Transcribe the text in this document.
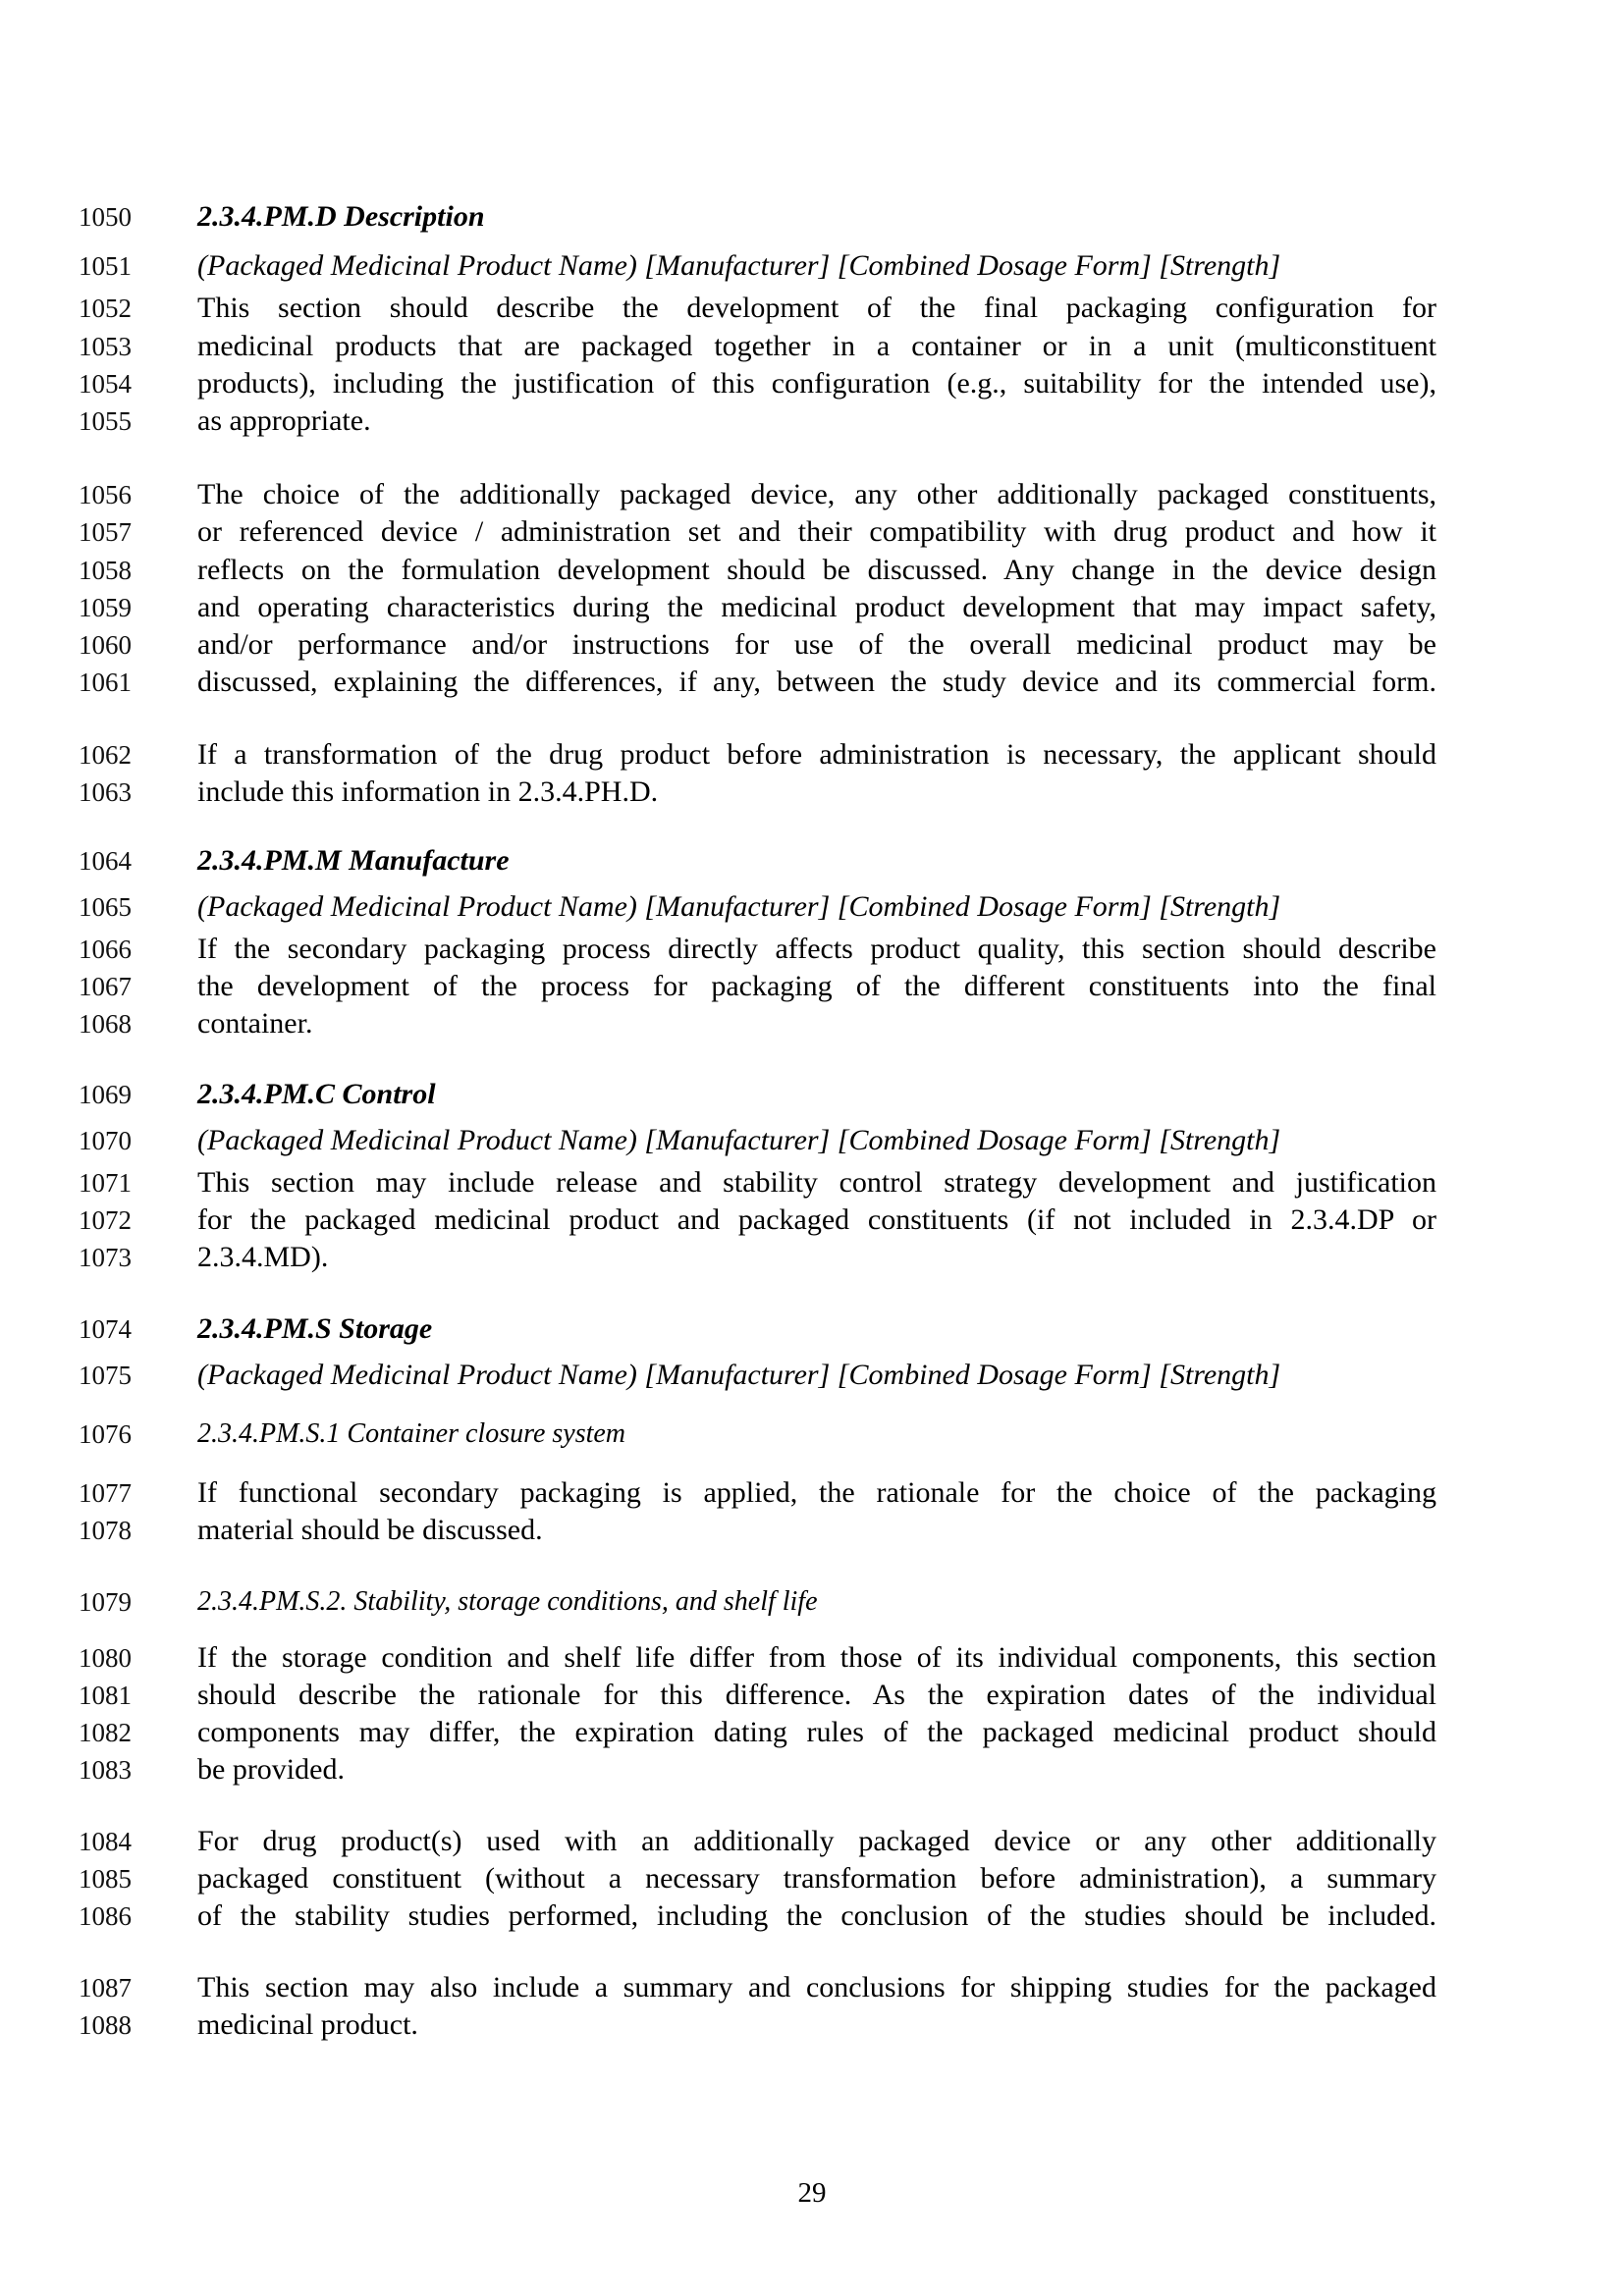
1050	2.3.4.PM.D Description
1051	(Packaged Medicinal Product Name) [Manufacturer] [Combined Dosage Form] [Strength]
1052	This section should describe the development of the final packaging configuration for
1053	medicinal products that are packaged together in a container or in a unit (multiconstituent
1054	products), including the justification of this configuration (e.g., suitability for the intended use),
1055	as appropriate.
1056	The choice of the additionally packaged device, any other additionally packaged constituents,
1057	or referenced device / administration set and their compatibility with drug product and how it
1058	reflects on the formulation development should be discussed. Any change in the device design
1059	and operating characteristics during the medicinal product development that may impact safety,
1060	and/or performance and/or instructions for use of the overall medicinal product may be
1061	discussed, explaining the differences, if any, between the study device and its commercial form.
1062	If a transformation of the drug product before administration is necessary, the applicant should
1063	include this information in 2.3.4.PH.D.
1064	2.3.4.PM.M Manufacture
1065	(Packaged Medicinal Product Name) [Manufacturer] [Combined Dosage Form] [Strength]
1066	If the secondary packaging process directly affects product quality, this section should describe
1067	the development of the process for packaging of the different constituents into the final
1068	container.
1069	2.3.4.PM.C Control
1070	(Packaged Medicinal Product Name) [Manufacturer] [Combined Dosage Form] [Strength]
1071	This section may include release and stability control strategy development and justification
1072	for the packaged medicinal product and packaged constituents (if not included in 2.3.4.DP or
1073	2.3.4.MD).
1074	2.3.4.PM.S Storage
1075	(Packaged Medicinal Product Name) [Manufacturer] [Combined Dosage Form] [Strength]
1076	2.3.4.PM.S.1 Container closure system
1077	If functional secondary packaging is applied, the rationale for the choice of the packaging
1078	material should be discussed.
1079	2.3.4.PM.S.2. Stability, storage conditions, and shelf life
1080	If the storage condition and shelf life differ from those of its individual components, this section
1081	should describe the rationale for this difference. As the expiration dates of the individual
1082	components may differ, the expiration dating rules of the packaged medicinal product should
1083	be provided.
1084	For drug product(s) used with an additionally packaged device or any other additionally
1085	packaged constituent (without a necessary transformation before administration), a summary
1086	of the stability studies performed, including the conclusion of the studies should be included.
1087	This section may also include a summary and conclusions for shipping studies for the packaged
1088	medicinal product.
29
